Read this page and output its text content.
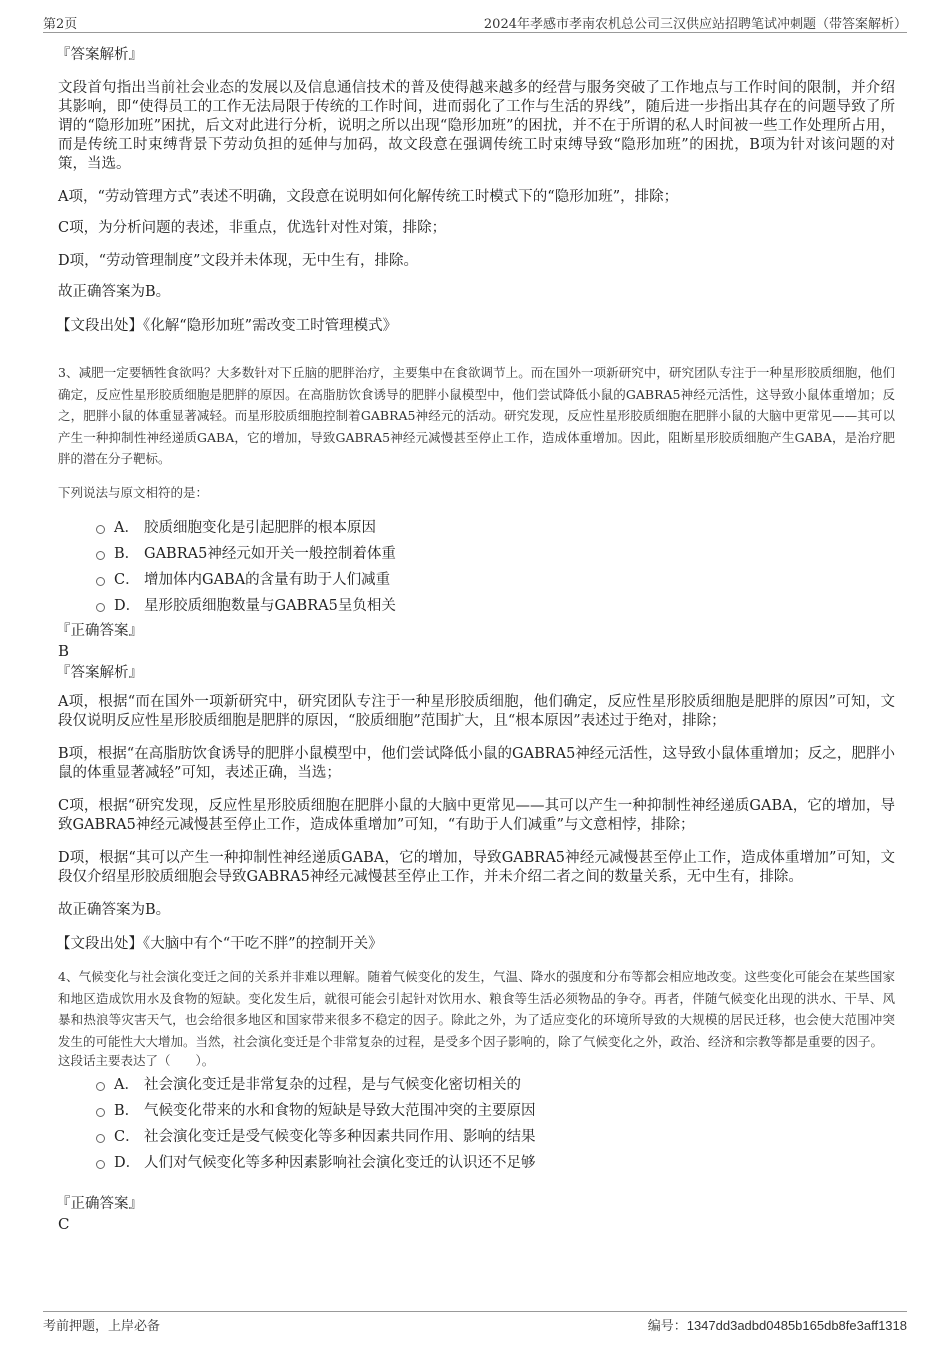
第2页	2024年孝感市孝南农机总公司三汉供应站招聘笔试冲刺题（带答案解析）

『答案解析』

文段首句指出当前社会业态的发展以及信息通信技术的普及使得越来越多的经营与服务突破了工作地点与工作时间的限制，并介绍其影响，即“使得员工的工作无法局限于传统的工作时间，进而弱化了工作与生活的界线”，随后进一步指出其存在的问题导致了所谓的“隐形加班”困扰，后文对此进行分析，说明之所以出现“隐形加班”的困扰，并不在于所谓的私人时间被一些工作处理所占用，而是传统工时束缚背景下劳动负担的延伸与加码，故文段意在强调传统工时束缚导致“隐形加班”的困扰，B项为针对该问题的对策，当选。

A项，“劳动管理方式”表述不明确，文段意在说明如何化解传统工时模式下的“隐形加班”，排除；

C项，为分析问题的表述，非重点，优选针对性对策，排除；

D项，“劳动管理制度”文段并未体现，无中生有，排除。

故正确答案为B。

【文段出处】《化解“隐形加班”需改变工时管理模式》

3、减肥一定要牺牲食欲吗？大多数针对下丘脑的肥胖治疗，主要集中在食欲调节上。而在国外一项新研究中，研究团队专注于一种星形胶质细胞，他们确定，反应性星形胶质细胞是肥胖的原因。在高脂肪饮食诱导的肥胖小鼠模型中，他们尝试降低小鼠的GABRA5神经元活性，这导致小鼠体重增加；反之，肥胖小鼠的体重显著减轻。而星形胶质细胞控制着GABRA5神经元的活动。研究发现，反应性星形胶质细胞在肥胖小鼠的大脑中更常见——其可以产生一种抑制性神经递质GABA，它的增加，导致GABRA5神经元减慢甚至停止工作，造成体重增加。因此，阻断星形胶质细胞产生GABA，是治疗肥胖的潜在分子靶标。

下列说法与原文相符的是：

A． 胶质细胞变化是引起肥胖的根本原因
B． GABRA5神经元如开关一般控制着体重
C． 增加体内GABA的含量有助于人们减重
D． 星形胶质细胞数量与GABRA5呈负相关

『正确答案』

B

『答案解析』

A项，根据“而在国外一项新研究中，研究团队专注于一种星形胶质细胞，他们确定，反应性星形胶质细胞是肥胖的原因”可知，文段仅说明反应性星形胶质细胞是肥胖的原因，“胶质细胞”范围扩大，且“根本原因”表述过于绝对，排除；

B项，根据“在高脂肪饮食诱导的肥胖小鼠模型中，他们尝试降低小鼠的GABRA5神经元活性，这导致小鼠体重增加；反之，肥胖小鼠的体重显著减轻”可知，表述正确，当选；

C项，根据“研究发现，反应性星形胶质细胞在肥胖小鼠的大脑中更常见——其可以产生一种抑制性神经递质GABA，它的增加，导致GABRA5神经元减慢甚至停止工作，造成体重增加”可知，“有助于人们减重”与文意相悖，排除；

D项，根据“其可以产生一种抑制性神经递质GABA，它的增加，导致GABRA5神经元减慢甚至停止工作，造成体重增加”可知，文段仅介绍星形胶质细胞会导致GABRA5神经元减慢甚至停止工作，并未介绍二者之间的数量关系，无中生有，排除。

故正确答案为B。

【文段出处】《大脑中有个“干吃不胖”的控制开关》

4、气候变化与社会演化变迁之间的关系并非难以理解。随着气候变化的发生，气温、降水的强度和分布等都会相应地改变。这些变化可能会在某些国家和地区造成饮用水及食物的短缺。变化发生后，就很可能会引起针对饮用水、粮食等生活必须物品的争夺。再者，伴随气候变化出现的洪水、干旱、风暴和热浪等灾害天气，也会给很多地区和国家带来很多不稳定的因子。除此之外，为了适应变化的环境所导致的大规模的居民迁移，也会使大范围冲突发生的可能性大大增加。当然，社会演化变迁是个非常复杂的过程，是受多个因子影响的，除了气候变化之外，政治、经济和宗教等都是重要的因子。

这段话主要表达了（　　）。

A． 社会演化变迁是非常复杂的过程，是与气候变化密切相关的
B． 气候变化带来的水和食物的短缺是导致大范围冲突的主要原因
C． 社会演化变迁是受气候变化等多种因素共同作用、影响的结果
D． 人们对气候变化等多种因素影响社会演化变迁的认识还不足够

『正确答案』

C

考前押题，上岸必备	编号：1347dd3adbd0485b165db8fe3aff1318
